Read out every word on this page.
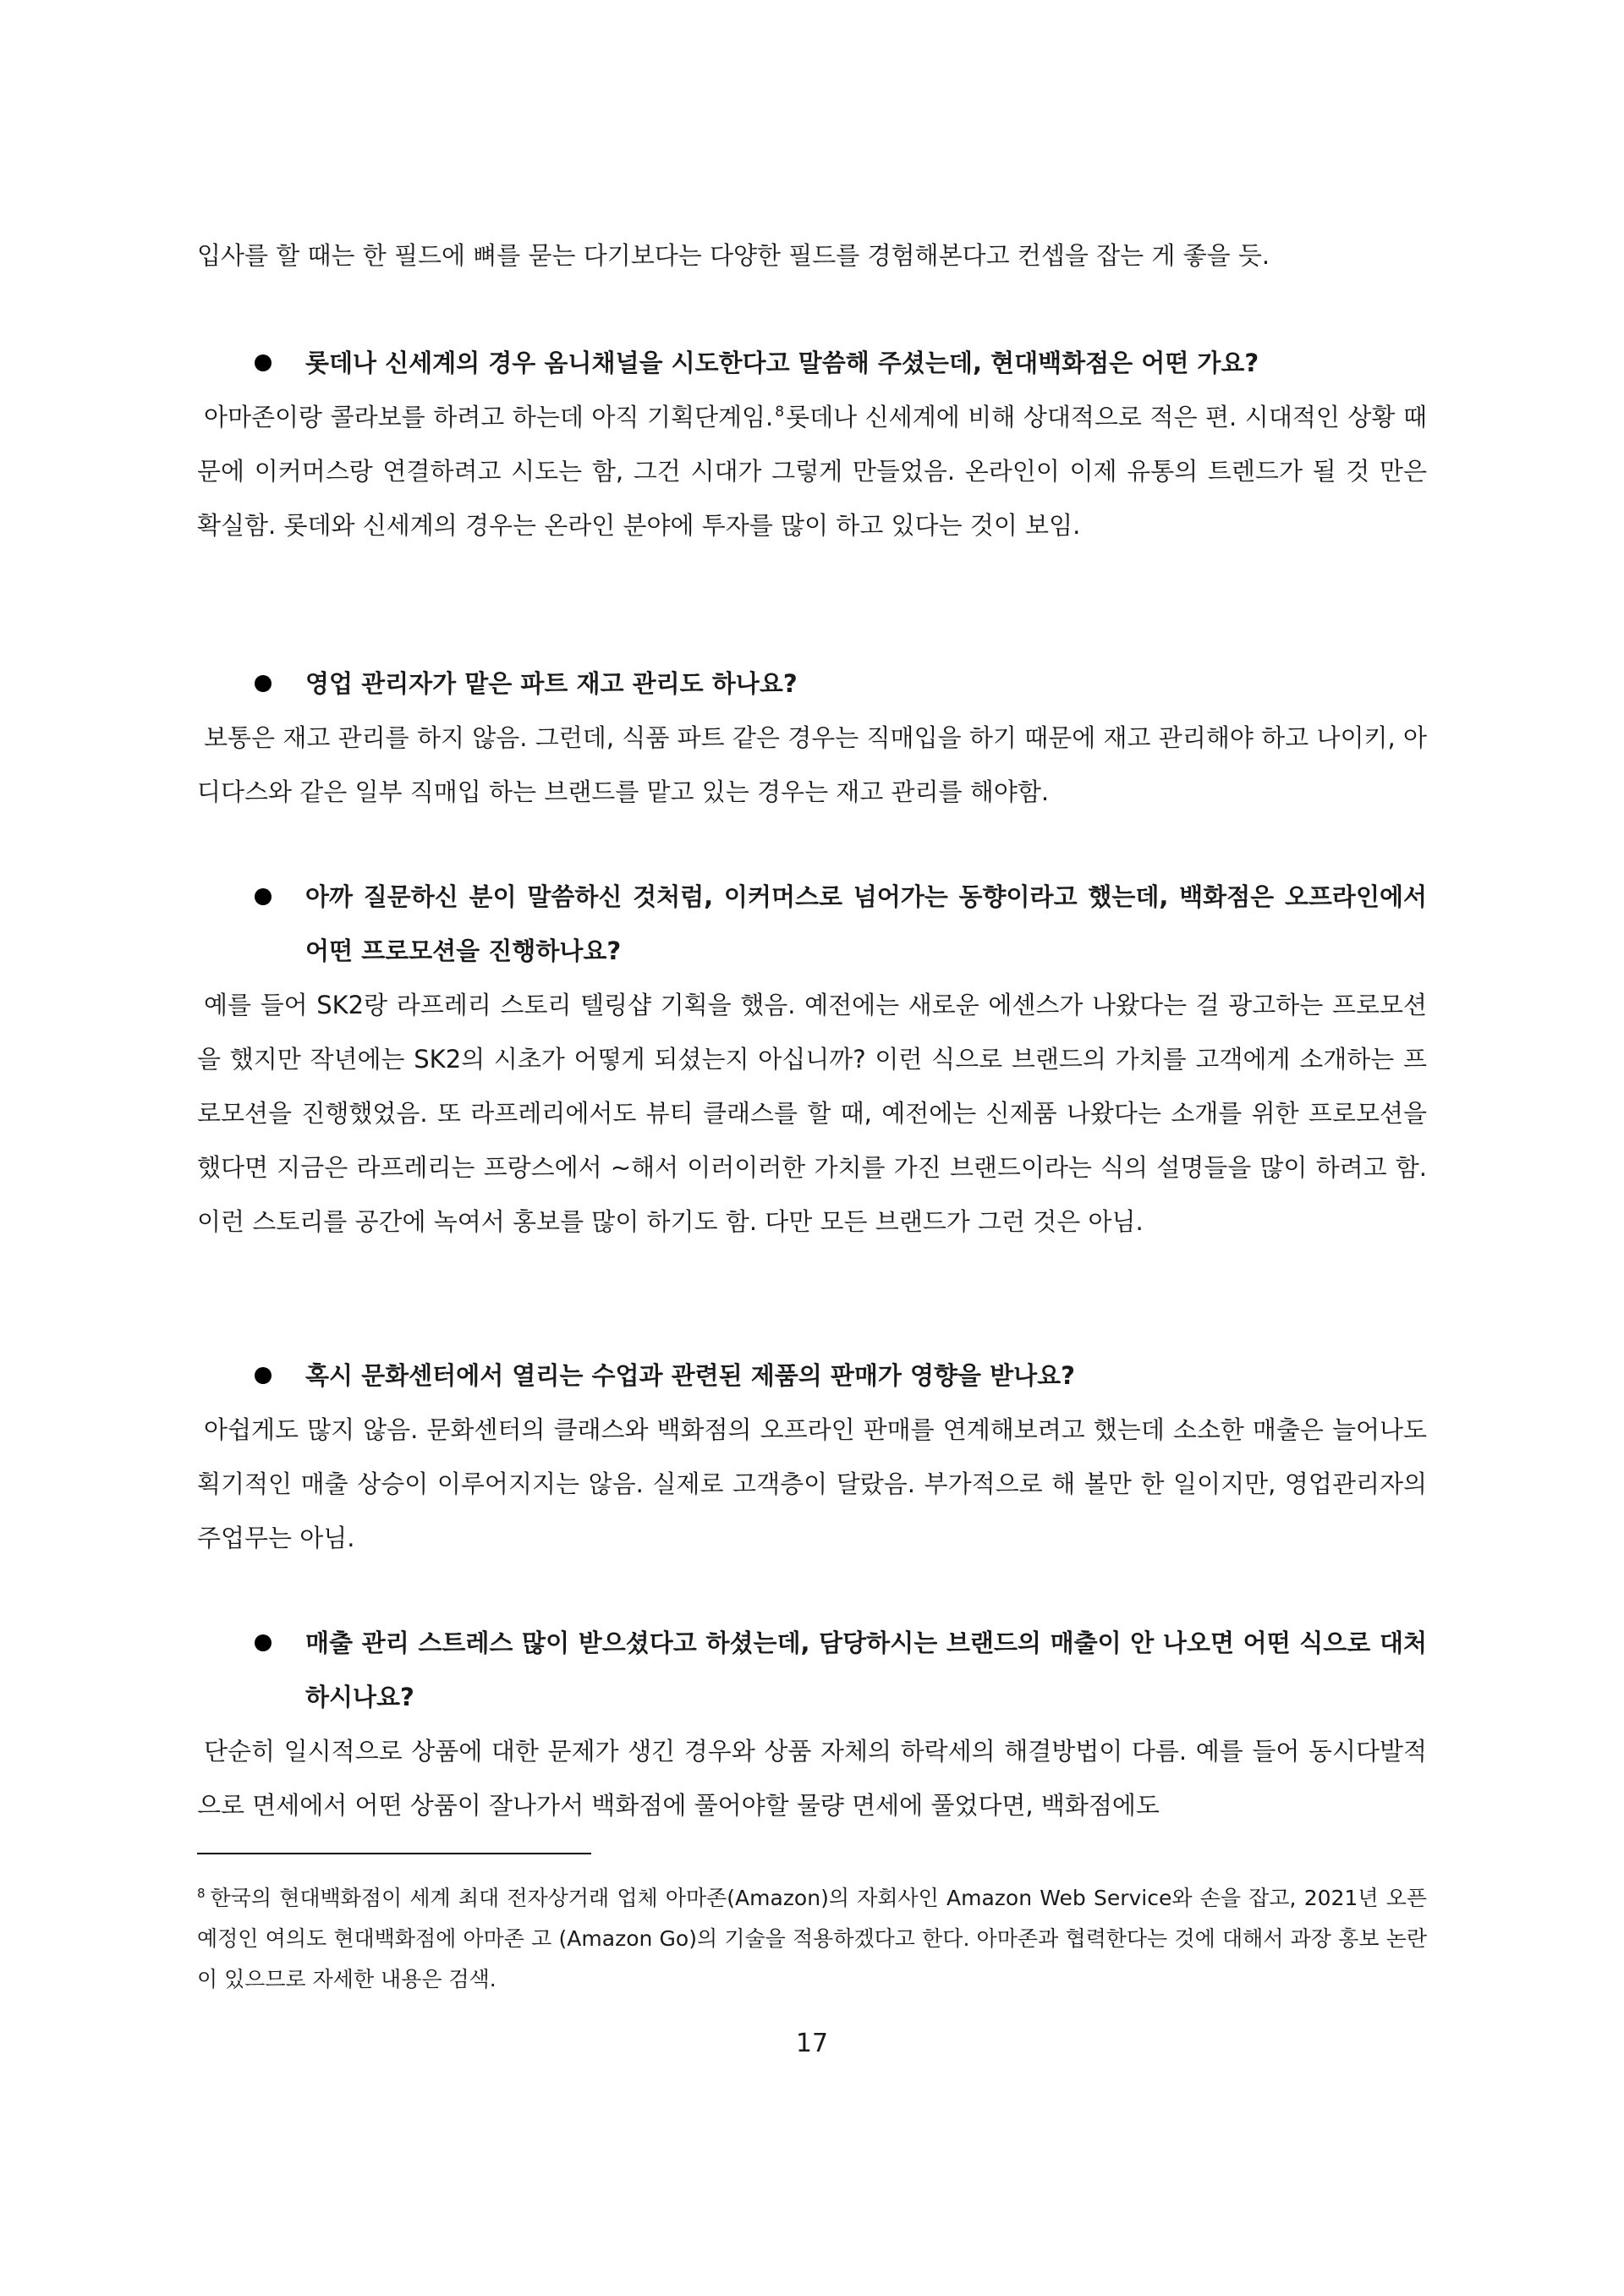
입사를 할 때는 한 필드에 뼈를 묻는 다기보다는 다양한 필드를 경험해본다고 컨셉을 잡는 게 좋을 듯.

롯데나 신세계의 경우 옴니채널을 시도한다고 말씀해 주셨는데, 현대백화점은 어떤 가요?

아마존이랑 콜라보를 하려고 하는데 아직 기획단계임. $^8$롯데나 신세계에 비해 상대적으로 적은 편. 시대적인 상황 때문에 이커머스랑 연결하려고 시도는 함, 그건 시대가 그렇게 만들었음. 온라인이 이제 유통의 트렌드가 될 것 만은 확실함. 롯데와 신세계의 경우는 온라인 분야에 투자를 많이 하고 있다는 것이 보임.

영업 관리자가 맡은 파트 재고 관리도 하나요?

보통은 재고 관리를 하지 않음. 그런데, 식품 파트 같은 경우는 직매입을 하기 때문에 재고 관리해야 하고 나이키, 아디다스와 같은 일부 직매입 하는 브랜드를 맡고 있는 경우는 재고 관리를 해야함.

아까 질문하신 분이 말씀하신 것처럼, 이커머스로 넘어가는 동향이라고 했는데, 백화점은 오프라인에서 어떤 프로모션을 진행하나요?

예를 들어 SK2랑 라프레리 스토리 텔링샵 기획을 했음. 예전에는 새로운 에센스가 나왔다는 걸 광고하는 프로모션을 했지만 작년에는 SK2의 시초가 어떻게 되셨는지 아십니까? 이런 식으로 브랜드의 가치를 고객에게 소개하는 프로모션을 진행했었음. 또 라프레리에서도 뷰티 클래스를 할 때, 예전에는 신제품 나왔다는 소개를 위한 프로모션을 했다면 지금은 라프레리는 프랑스에서 ~해서 이러이러한 가치를 가진 브랜드이라는 식의 설명들을 많이 하려고 함. 이런 스토리를 공간에 녹여서 홍보를 많이 하기도 함. 다만 모든 브랜드가 그런 것은 아님.

혹시 문화센터에서 열리는 수업과 관련된 제품의 판매가 영향을 받나요?

아쉽게도 많지 않음. 문화센터의 클래스와 백화점의 오프라인 판매를 연계해보려고 했는데 소소한 매출은 늘어나도 획기적인 매출 상승이 이루어지지는 않음. 실제로 고객층이 달랐음. 부가적으로 해 볼만 한 일이지만, 영업관리자의 주업무는 아님.

매출 관리 스트레스 많이 받으셨다고 하셨는데, 담당하시는 브랜드의 매출이 안 나오면 어떤 식으로 대처하시나요?

단순히 일시적으로 상품에 대한 문제가 생긴 경우와 상품 자체의 하락세의 해결방법이 다름. 예를 들어 동시다발적으로 면세에서 어떤 상품이 잘나가서 백화점에 풀어야할 물량 면세에 풀었다면, 백화점에도

$^8$ 한국의 현대백화점이 세계 최대 전자상거래 업체 아마존(Amazon)의 자회사인 Amazon Web Service와 손을 잡고, 2021년 오픈 예정인 여의도 현대백화점에 아마존 고 (Amazon Go)의 기술을 적용하겠다고 한다. 아마존과 협력한다는 것에 대해서 과장 홍보 논란이 있으므로 자세한 내용은 검색.

17
